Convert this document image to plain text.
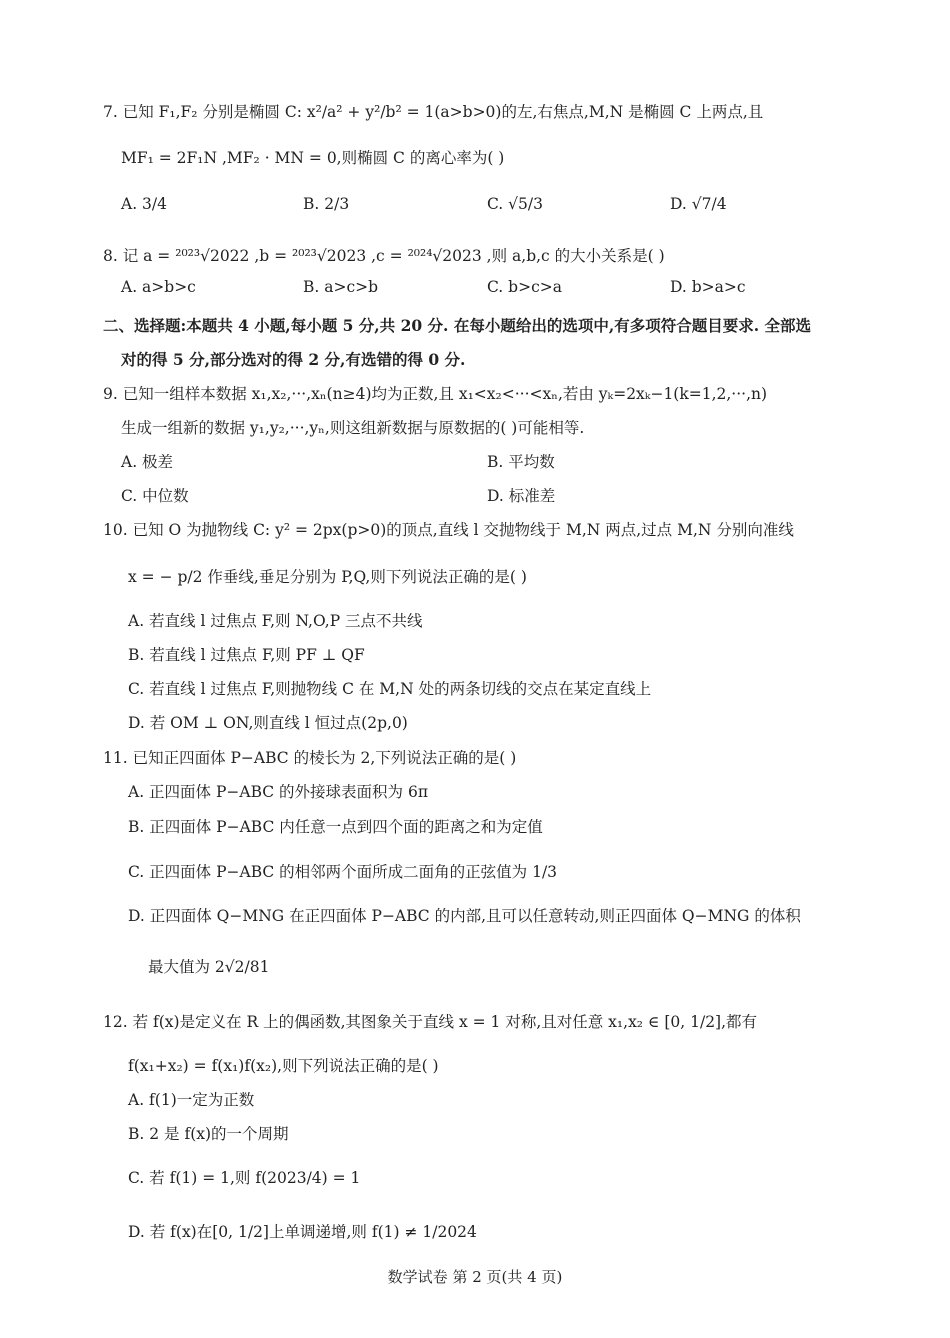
7. 已知 F₁,F₂ 分别是椭圆 C: x²/a² + y²/b² = 1(a>b>0)的左,右焦点,M,N 是椭圆 C 上两点,且
MF₁ = 2F₁N ,MF₂ · MN = 0,则椭圆 C 的离心率为( )
A. 3/4	B. 2/3	C. √5/3	D. √7/4
8. 记 a = ²⁰²³√2022 ,b = ²⁰²³√2023 ,c = ²⁰²⁴√2023 ,则 a,b,c 的大小关系是( )
A. a>b>c	B. a>c>b	C. b>c>a	D. b>a>c
二、选择题:本题共 4 小题,每小题 5 分,共 20 分. 在每小题给出的选项中,有多项符合题目要求. 全部选
对的得 5 分,部分选对的得 2 分,有选错的得 0 分.
9. 已知一组样本数据 x₁,x₂,···,xₙ(n≥4)均为正数,且 x₁<x₂<···<xₙ,若由 yₖ=2xₖ−1(k=1,2,···,n)
生成一组新的数据 y₁,y₂,···,yₙ,则这组新数据与原数据的( )可能相等.
A. 极差	B. 平均数
C. 中位数	D. 标准差
10. 已知 O 为抛物线 C: y² = 2px(p>0)的顶点,直线 l 交抛物线于 M,N 两点,过点 M,N 分别向准线
x = − p/2 作垂线,垂足分别为 P,Q,则下列说法正确的是( )
A. 若直线 l 过焦点 F,则 N,O,P 三点不共线
B. 若直线 l 过焦点 F,则 PF ⊥ QF
C. 若直线 l 过焦点 F,则抛物线 C 在 M,N 处的两条切线的交点在某定直线上
D. 若 OM ⊥ ON,则直线 l 恒过点(2p,0)
11. 已知正四面体 P−ABC 的棱长为 2,下列说法正确的是( )
A. 正四面体 P−ABC 的外接球表面积为 6π
B. 正四面体 P−ABC 内任意一点到四个面的距离之和为定值
C. 正四面体 P−ABC 的相邻两个面所成二面角的正弦值为 1/3
D. 正四面体 Q−MNG 在正四面体 P−ABC 的内部,且可以任意转动,则正四面体 Q−MNG 的体积
最大值为 2√2/81
12. 若 f(x)是定义在 R 上的偶函数,其图象关于直线 x = 1 对称,且对任意 x₁,x₂ ∈ [0, 1/2],都有
f(x₁+x₂) = f(x₁)f(x₂),则下列说法正确的是( )
A. f(1)一定为正数
B. 2 是 f(x)的一个周期
C. 若 f(1) = 1,则 f(2023/4) = 1
D. 若 f(x)在[0, 1/2]上单调递增,则 f(1) ≠ 1/2024
数学试卷 第 2 页(共 4 页)
